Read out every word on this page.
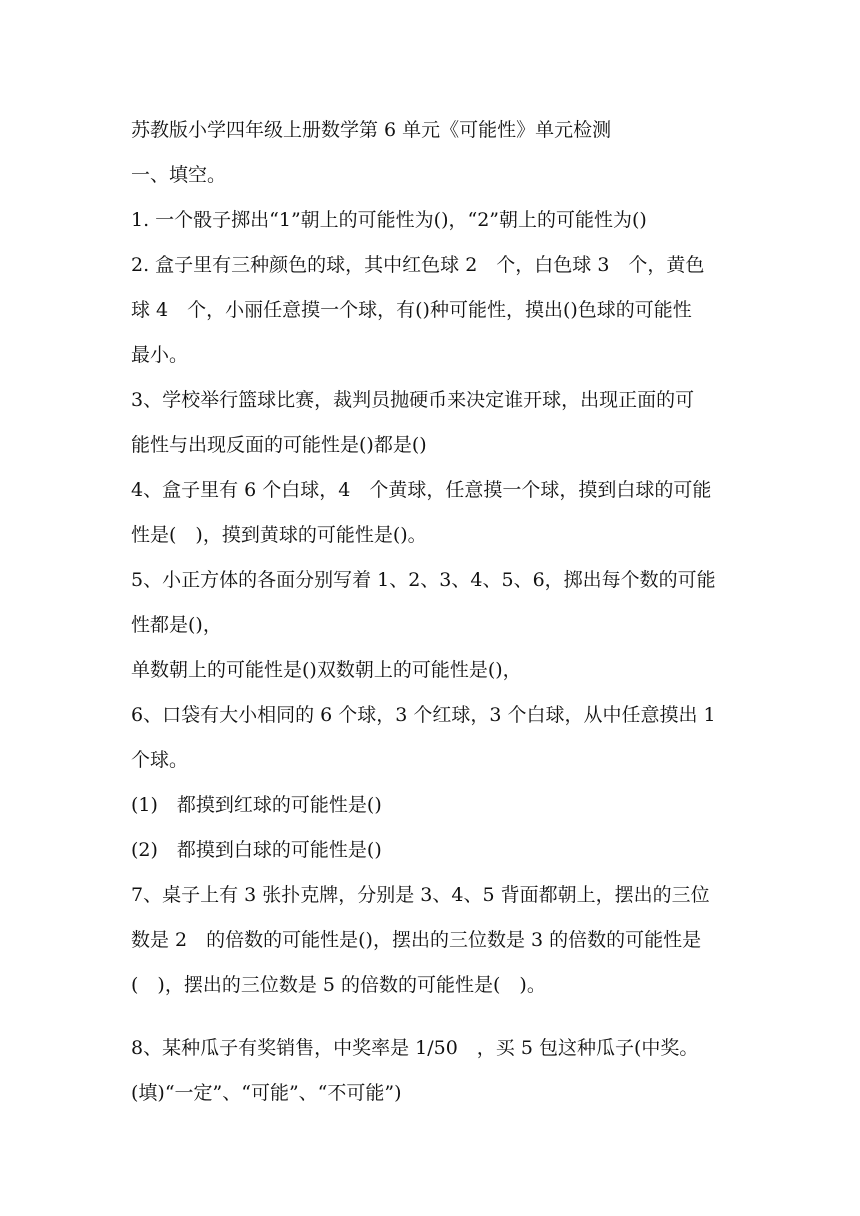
苏教版小学四年级上册数学第 6 单元《可能性》单元检测
一、填空。
1. 一个骰子掷出“1”朝上的可能性为()，“2”朝上的可能性为()
2. 盒子里有三种颜色的球，其中红色球 2　个，白色球 3　个，黄色
球 4　个，小丽任意摸一个球，有()种可能性，摸出()色球的可能性
最小。
3、学校举行篮球比赛，裁判员抛硬币来决定谁开球，出现正面的可
能性与出现反面的可能性是()都是()
4、盒子里有 6 个白球，4　个黄球，任意摸一个球，摸到白球的可能
性是(　)，摸到黄球的可能性是()。
5、小正方体的各面分别写着 1、2、3、4、5、6，掷出每个数的可能
性都是()，
单数朝上的可能性是()双数朝上的可能性是()，
6、口袋有大小相同的 6 个球，3 个红球，3 个白球，从中任意摸出 1
个球。
(1)　都摸到红球的可能性是()
(2)　都摸到白球的可能性是()
7、桌子上有 3 张扑克牌，分别是 3、4、5 背面都朝上，摆出的三位
数是 2　的倍数的可能性是()，摆出的三位数是 3 的倍数的可能性是
(　)，摆出的三位数是 5 的倍数的可能性是(　)。
8、某种瓜子有奖销售，中奖率是 1/50　，买 5 包这种瓜子(中奖。
(填)“一定”、“可能”、“不可能”)
